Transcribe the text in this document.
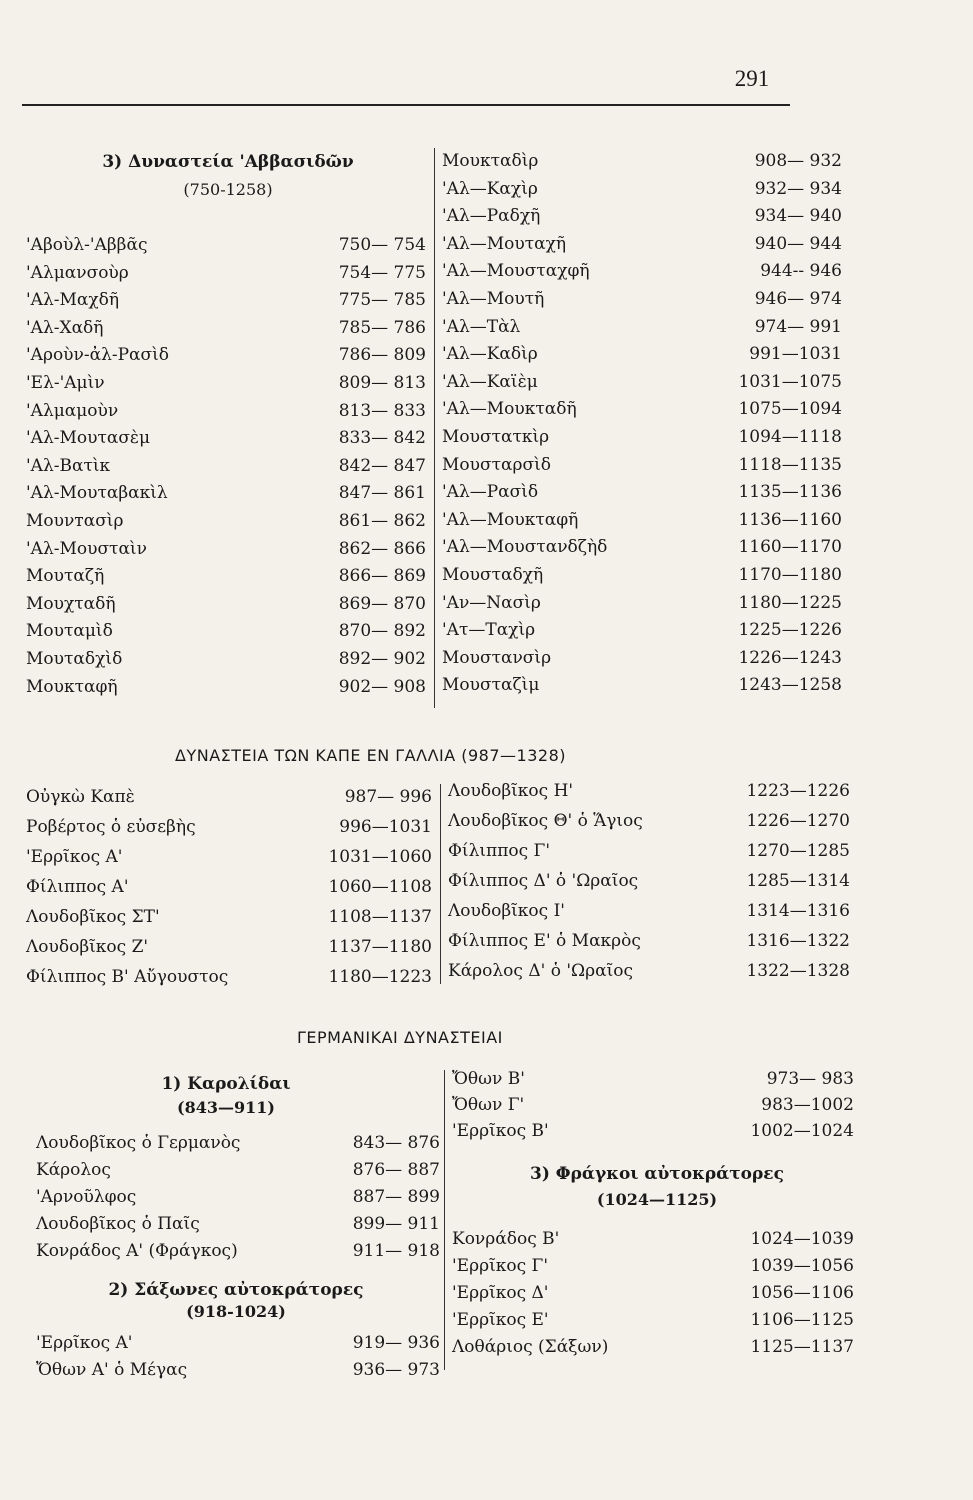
291
3) Δυναστεία 'Αββασιδῶν
(750-1258)
'Αβοὺλ-'Αββᾶς	750— 754
'Αλμανσοὺρ	754— 775
'Αλ-Μαχδῆ	775— 785
'Αλ-Χαδῆ	785— 786
'Αρoὺν-ἀλ-Ρασὶδ	786— 809
'Ελ-'Αμὶν	809— 813
'Αλμαμοὺν	813— 833
'Αλ-Μουτασὲμ	833— 842
'Αλ-Βατὶκ	842— 847
'Αλ-Μουταβακὶλ	847— 861
Μουνтασὶρ	861— 862
'Αλ-Μουσταὶν	862— 866
Μουταζῆ	866— 869
Μουχταδῆ	869— 870
Μουταμὶδ	870— 892
Μουταδχὶδ	892— 902
Μουκταφῆ	902— 908
Μουκταδὶρ	908— 932
'Αλ—Καχὶρ	932— 934
'Αλ—Ραδχῆ	934— 940
'Αλ—Μουταχῆ	940— 944
'Αλ—Μουσταχφῆ	944-- 946
'Αλ—Μουτῆ	946— 974
'Αλ—Τὰλ	974— 991
'Αλ—Καδὶρ	991—1031
'Αλ—Καϊὲμ	1031—1075
'Αλ—Μουκταδῆ	1075—1094
Μουστατκὶρ	1094—1118
Μουσταρσὶδ	1118—1135
'Αλ—Ρασὶδ	1135—1136
'Αλ—Μουκταφῆ	1136—1160
'Αλ—Μουστανδζὴδ	1160—1170
Μουσταδχῆ	1170—1180
'Αν—Νασὶρ	1180—1225
'Ατ—Ταχὶρ	1225—1226
Μουστανσὶρ	1226—1243
Μουσταζὶμ	1243—1258
ΔΥΝΑΣΤΕΙΑ ΤΩΝ ΚΑΠΕ ΕΝ ΓΑΛΛΙΑ (987—1328)
Οὐγκὼ Καπὲ	987— 996
Ροβέρτος ὁ εὐσεβὴς	996—1031
'Ερρῖκος Α'	1031—1060
Φίλιππος Α'	1060—1108
Λουδοβῖκος ΣΤ'	1108—1137
Λουδοβῖκος Ζ'	1137—1180
Φίλιππος Β' Αὔγουστος	1180—1223
Λουδοβῖκος Η'	1223—1226
Λουδοβῖκος Θ' ὁ Ἅγιος	1226—1270
Φίλιππος Γ'	1270—1285
Φίλιππος Δ' ὁ 'Ωραῖος	1285—1314
Λουδοβῖκος Ι'	1314—1316
Φίλιππος Ε' ὁ Μακρὸς	1316—1322
Κάρολος Δ' ὁ 'Ωραῖος	1322—1328
ΓΕΡΜΑΝΙΚΑΙ ΔΥΝΑΣΤΕΙΑΙ
1) Καρολίδαι
(843—911)
Λουδοβῖκος ὁ Γερμανὸς	843— 876
Κάρολος	876— 887
'Αρνοῦλφος	887— 899
Λουδοβῖκος ὁ Παῖς	899— 911
Κονράδος Α' (Φράγκος)	911— 918
2) Σάξωνες αὐτοκράτορες
(918-1024)
'Ερρῖκος Α'	919— 936
Ὄθων Α' ὁ Μέγας	936— 973
Ὄθων Β'	973— 983
Ὄθων Γ'	983—1002
'Ερρῖκος Β'	1002—1024
3) Φράγκοι αὐτοκράτορες
(1024—1125)
Κονράδος Β'	1024—1039
'Ερρῖκος Γ'	1039—1056
'Ερρῖκος Δ'	1056—1106
'Ερρῖκος Ε'	1106—1125
Λοθάριος (Σάξων)	1125—1137
